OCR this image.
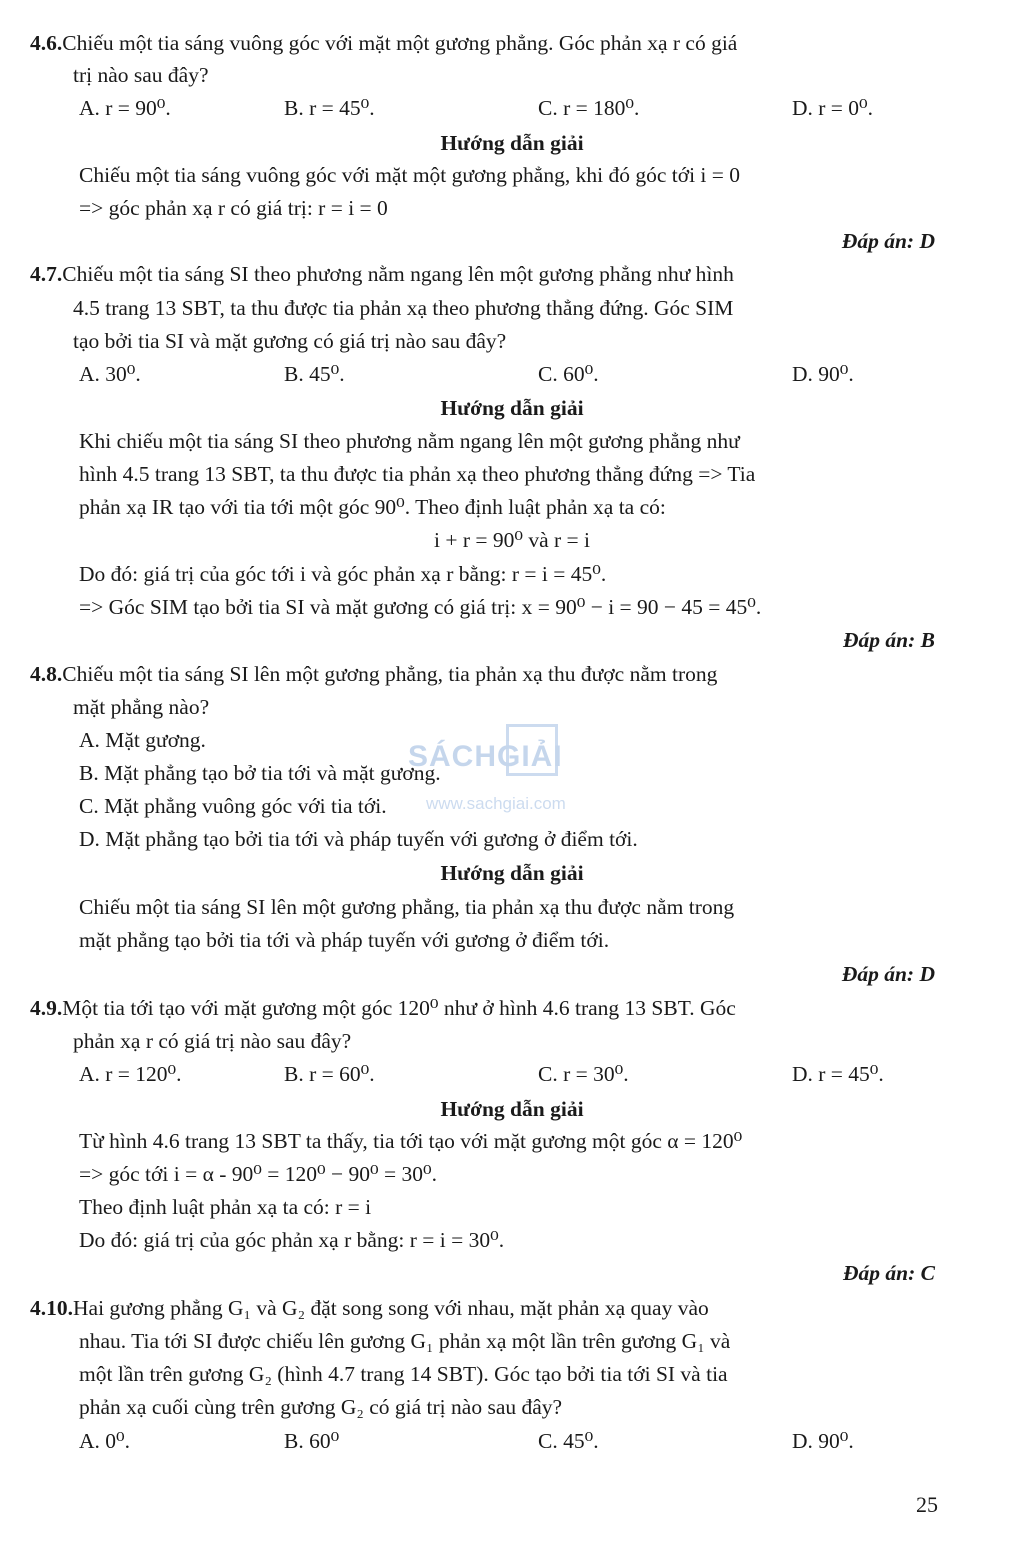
4.6.Chiếu một tia sáng vuông góc với mặt một gương phẳng. Góc phản xạ r có giá
trị nào sau đây?
A. r = 90⁰.	B. r = 45⁰.	C. r = 180⁰.	D. r = 0⁰.
Hướng dẫn giải
Chiếu một tia sáng vuông góc với mặt một gương phẳng, khi đó góc tới i = 0
=> góc phản xạ r có giá trị: r = i = 0
Đáp án: D
4.7.Chiếu một tia sáng SI theo phương nằm ngang lên một gương phẳng như hình
4.5 trang 13 SBT, ta thu được tia phản xạ theo phương thẳng đứng. Góc SIM
tạo bởi tia SI và mặt gương có giá trị nào sau đây?
A. 30⁰.	B. 45⁰.	C. 60⁰.	D. 90⁰.
Hướng dẫn giải
Khi chiếu một tia sáng SI theo phương nằm ngang lên một gương phẳng như
hình 4.5 trang 13 SBT, ta thu được tia phản xạ theo phương thẳng đứng => Tia
phản xạ IR tạo với tia tới một góc 90⁰. Theo định luật phản xạ ta có:
i + r = 90⁰ và r = i
Do đó: giá trị của góc tới i và góc phản xạ r bằng: r = i = 45⁰.
=> Góc SIM tạo bởi tia SI và mặt gương có giá trị: x = 90⁰ − i = 90 − 45 = 45⁰.
Đáp án: B
4.8.Chiếu một tia sáng SI lên một gương phẳng, tia phản xạ thu được nằm trong
mặt phẳng nào?
A. Mặt gương.
B. Mặt phẳng tạo bở tia tới và mặt gương.
C. Mặt phẳng vuông góc với tia tới.
D. Mặt phẳng tạo bởi tia tới và pháp tuyến với gương ở điểm tới.
Hướng dẫn giải
Chiếu một tia sáng SI lên một gương phẳng, tia phản xạ thu được nằm trong
mặt phẳng tạo bởi tia tới và pháp tuyến với gương ở điểm tới.
Đáp án: D
4.9.Một tia tới tạo với mặt gương một góc 120⁰ như ở hình 4.6 trang 13 SBT. Góc
phản xạ r có giá trị nào sau đây?
A. r = 120⁰.	B. r = 60⁰.	C. r = 30⁰.	D. r = 45⁰.
Hướng dẫn giải
Từ hình 4.6 trang 13 SBT ta thấy, tia tới tạo với mặt gương một góc α = 120⁰
=> góc tới i = α - 90⁰ = 120⁰ − 90⁰ = 30⁰.
Theo định luật phản xạ ta có: r = i
Do đó: giá trị của góc phản xạ r bằng: r = i = 30⁰.
Đáp án: C
4.10.Hai gương phẳng G₁ và G₂ đặt song song với nhau, mặt phản xạ quay vào
nhau. Tia tới SI được chiếu lên gương G₁ phản xạ một lần trên gương G₁ và
một lần trên gương G₂ (hình 4.7 trang 14 SBT). Góc tạo bởi tia tới SI và tia
phản xạ cuối cùng trên gương G₂ có giá trị nào sau đây?
A. 0⁰.	B. 60⁰	C. 45⁰.	D. 90⁰.
SÁCHGIẢI
www.sachgiai.com
25
